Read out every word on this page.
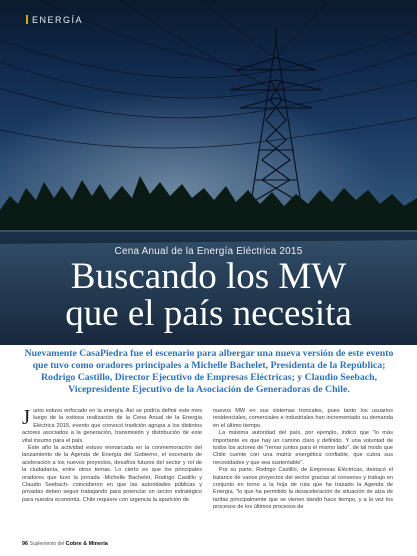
ENERGÍA
Cena Anual de la Energía Eléctrica 2015
Buscando los MW
que el país necesita

Nuevamente CasaPiedra fue el escenario para albergar una nueva versión de este evento que tuvo como oradores principales a Michelle Bachelet, Presidenta de la República; Rodrigo Castillo, Director Ejecutivo de Empresas Eléctricas; y Claudio Seebach, Vicepresidente Ejecutivo de la Asociación de Generadoras de Chile.

Junio estuvo enfocado en la energía. Así se podría definir este mes luego de la exitosa realización de la Cena Anual de la Energía Eléctrica 2015, evento que convocó tradición agrupa a los distintos actores asociados a la generación, transmisión y distribución de este vital insumo para el país.

Este año la actividad estuvo enmarcada en la conmemoración del lanzamiento de la Agenda de Energía del Gobierno, el escenario de aceleración a los nuevos proyectos, desafíos futuros del sector y rol de la ciudadanía, entre otros temas. Lo cierto es que los principales oradores que tuvo la jornada -Michelle Bachelet, Rodrigo Castillo y Claudio Seebach- coincidieron en que las autoridades públicas y privadas deben seguir trabajando para potenciar un sector estratégico para nuestra economía. Chile requiere con urgencia la aparición de

nuevos MW en sus sistemas troncales, pues tanto los usuarios residenciales, comerciales e industriales han incrementado su demanda en el último tiempo.

La máxima autoridad del país, por ejemplo, indicó que "lo más importante es que hay un camino claro y definido. Y una voluntad de todos los actores de "remar juntos para el mismo lado", de tal modo que Chile cuente con una matriz energética confiable, que cubra sus necesidades y que sea sustentable".

Por su parte, Rodrigo Castillo, de Empresas Eléctricas, destacó el balance de varios proyectos del sector gracias al consenso y trabajo en conjunto en torno a la hoja de ruta que ha trazado la Agenda de Energía, "lo que ha permitido la desaceleración de situación de alza de tarifas principalmente que se vienen dando hace tiempo, y a la vez los procesos de los últimos procesos de

96 Suplemento del Cobre & Minería
